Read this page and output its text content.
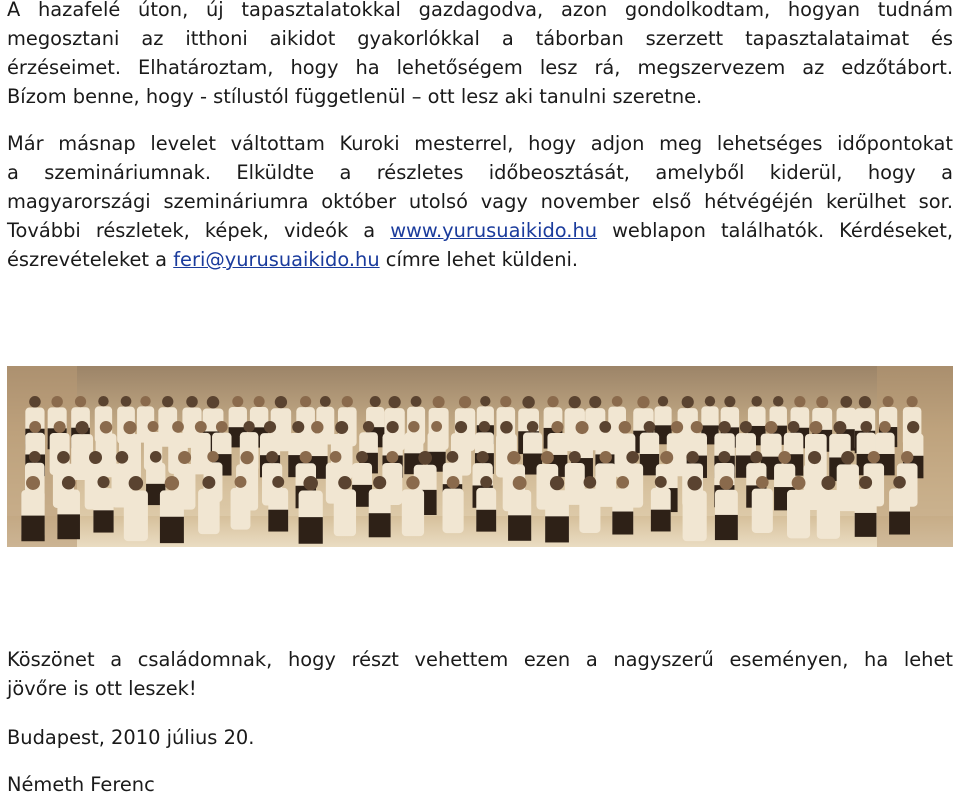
A hazafelé úton, új tapasztalatokkal gazdagodva, azon gondolkodtam, hogyan tudnám
megosztani az itthoni aikidot gyakorlókkal a táborban szerzett tapasztalataimat és
érzéseimet. Elhatároztam, hogy ha lehetőségem lesz rá, megszervezem az edzőtábort.
Bízom benne, hogy - stílustól függetlenül – ott lesz aki tanulni szeretne.
Már másnap levelet váltottam Kuroki mesterrel, hogy adjon meg lehetséges időpontokat
a szemináriumnak. Elküldte a részletes időbeosztását, amelyből kiderül, hogy a
magyarországi szemináriumra október utolsó vagy november első hétvégéjén kerülhet sor.
További részletek, képek, videók a www.yurusuaikido.hu weblapon találhatók. Kérdéseket,
észrevételeket a feri@yurusuaikido.hu címre lehet küldeni.
Köszönet a családomnak, hogy részt vehettem ezen a nagyszerű eseményen, ha lehet
jövőre is ott leszek!
Budapest, 2010 július 20.
Németh Ferenc
